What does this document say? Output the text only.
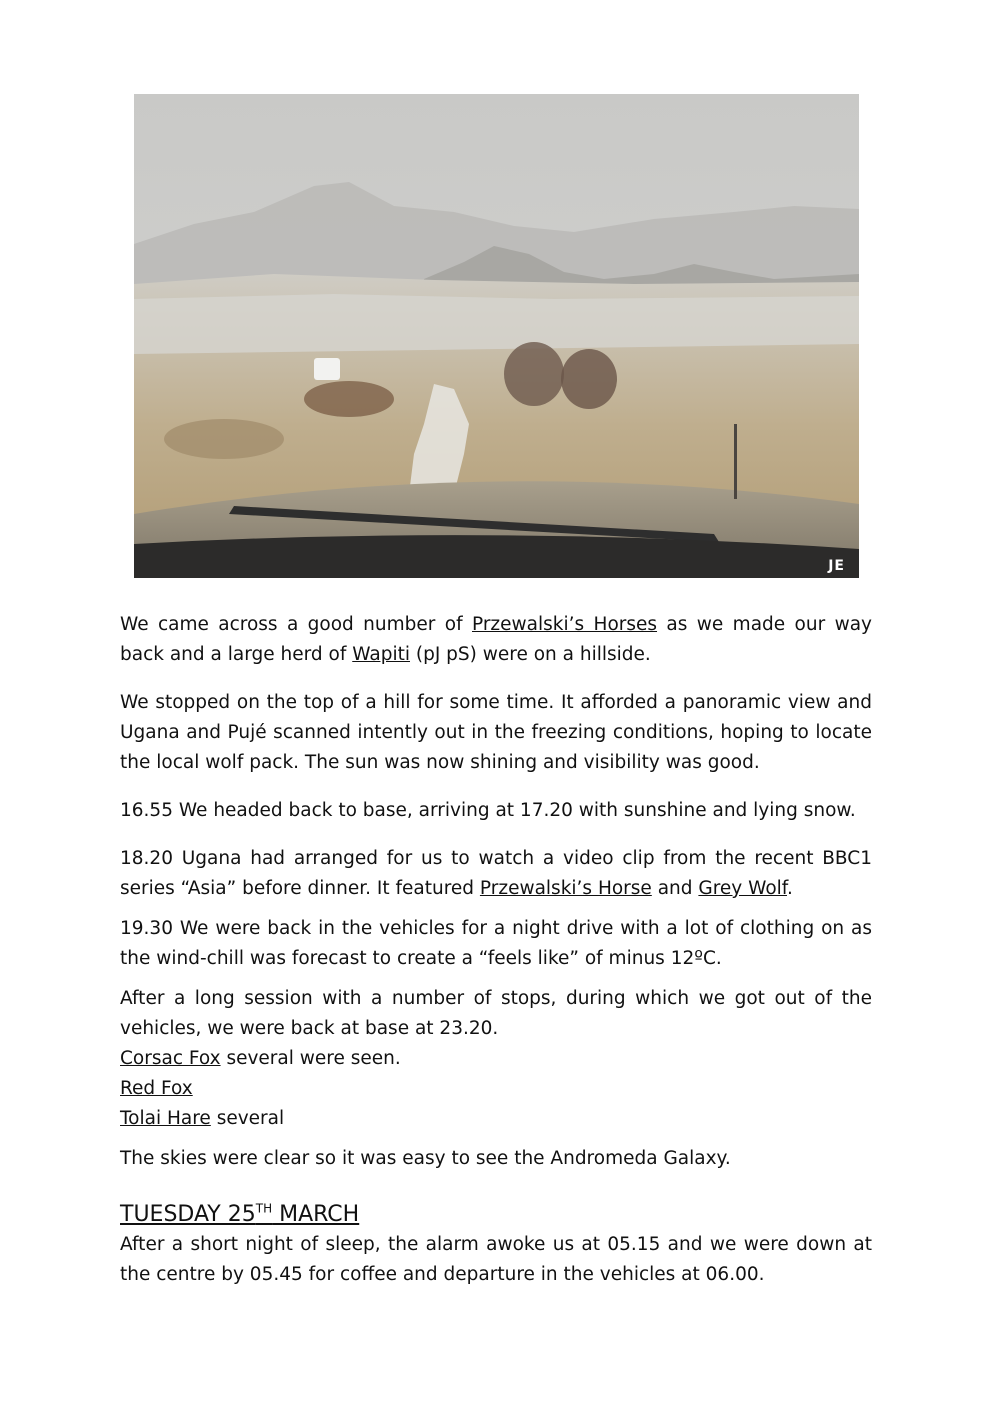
JE

We came across a good number of Przewalski’s Horses as we made our way back and a large herd of Wapiti (pJ pS) were on a hillside.

We stopped on the top of a hill for some time. It afforded a panoramic view and Ugana and Pujé scanned intently out in the freezing conditions, hoping to locate the local wolf pack. The sun was now shining and visibility was good.

16.55 We headed back to base, arriving at 17.20 with sunshine and lying snow.

18.20 Ugana had arranged for us to watch a video clip from the recent BBC1 series “Asia” before dinner. It featured Przewalski’s Horse and Grey Wolf.

19.30 We were back in the vehicles for a night drive with a lot of clothing on as the wind-chill was forecast to create a “feels like” of minus 12ºC.

After a long session with a number of stops, during which we got out of the vehicles, we were back at base at 23.20.

Corsac Fox several were seen.
Red Fox
Tolai Hare several

The skies were clear so it was easy to see the Andromeda Galaxy.

TUESDAY 25TH MARCH

After a short night of sleep, the alarm awoke us at 05.15 and we were down at the centre by 05.45 for coffee and departure in the vehicles at 06.00.
